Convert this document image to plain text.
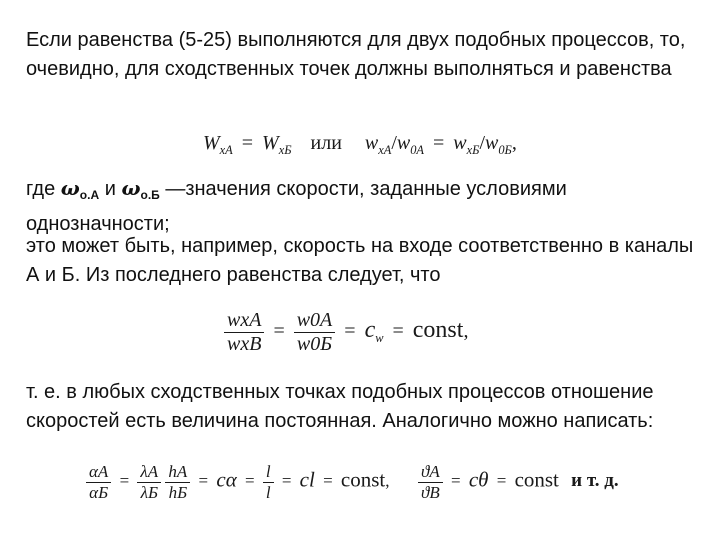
Если равенства (5-25) выполняются для двух подобных процессов, то, очевидно, для сходственных точек должны выполняться и равенства

$W_{xA} = W_{xБ}$ или $w_{xA}/w_{0A} = w_{xБ}/w_{0Б}$,

где $\omega_{о.А}$ и $\omega_{о.Б}$ —значения скорости, заданные условиями однозначности;

это может быть, например, скорость на входе соответственно в каналы А и Б. Из последнего равенства следует, что

$\frac{\text{wxA}}{\text{wxB}} = \frac{w0A}{w0Б} = c_w$ = const,

т. е. в любых сходственных точках подобных процессов отношение скоростей есть величина постоянная. Аналогично можно написать:

$\frac{\alpha A}{\alpha Б} = \frac{\lambda A}{\lambda Б}$
$\frac{hA}{hБ} = c\alpha = \frac{l}{l}$ = cl = const, $\frac{ϑA}{ϑB} = c\theta$ = const и т. д.
